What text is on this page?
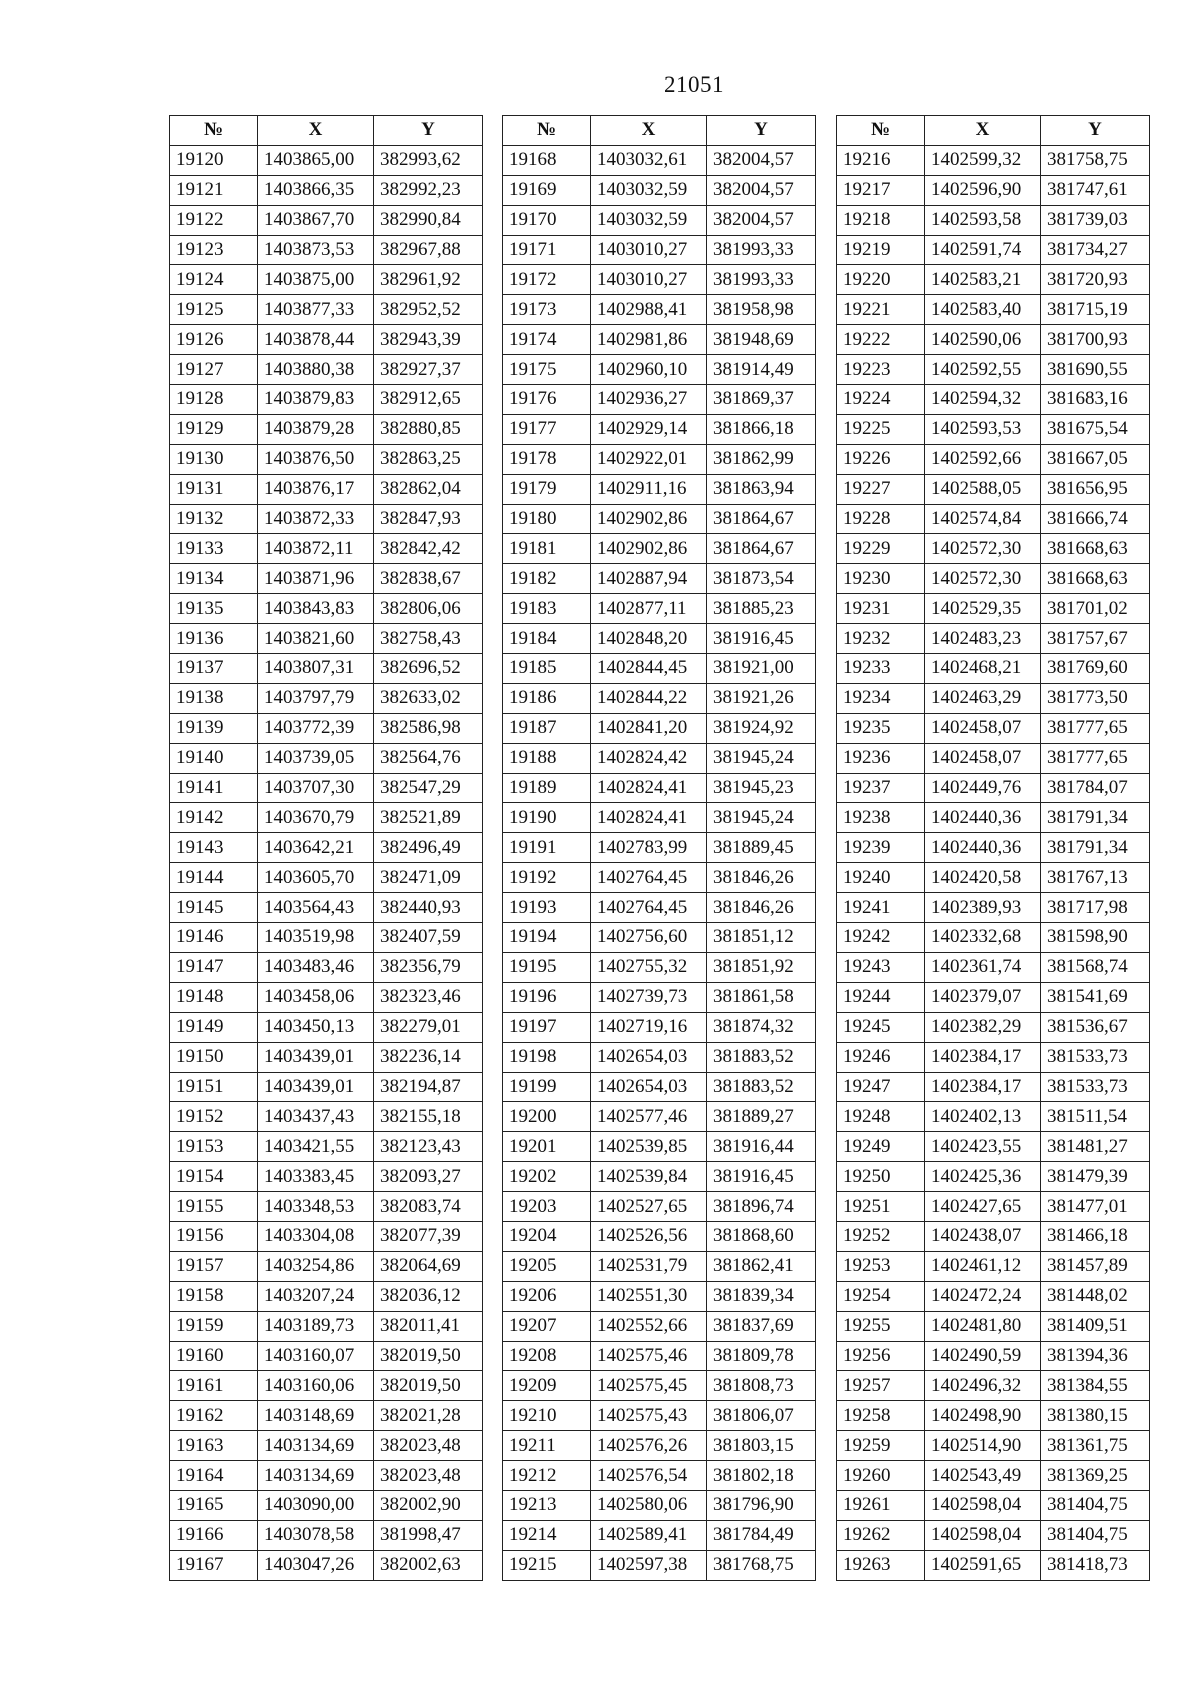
21051
№	X	Y
19120	1403865,00	382993,62
19121	1403866,35	382992,23
19122	1403867,70	382990,84
19123	1403873,53	382967,88
19124	1403875,00	382961,92
19125	1403877,33	382952,52
19126	1403878,44	382943,39
19127	1403880,38	382927,37
19128	1403879,83	382912,65
19129	1403879,28	382880,85
19130	1403876,50	382863,25
19131	1403876,17	382862,04
19132	1403872,33	382847,93
19133	1403872,11	382842,42
19134	1403871,96	382838,67
19135	1403843,83	382806,06
19136	1403821,60	382758,43
19137	1403807,31	382696,52
19138	1403797,79	382633,02
19139	1403772,39	382586,98
19140	1403739,05	382564,76
19141	1403707,30	382547,29
19142	1403670,79	382521,89
19143	1403642,21	382496,49
19144	1403605,70	382471,09
19145	1403564,43	382440,93
19146	1403519,98	382407,59
19147	1403483,46	382356,79
19148	1403458,06	382323,46
19149	1403450,13	382279,01
19150	1403439,01	382236,14
19151	1403439,01	382194,87
19152	1403437,43	382155,18
19153	1403421,55	382123,43
19154	1403383,45	382093,27
19155	1403348,53	382083,74
19156	1403304,08	382077,39
19157	1403254,86	382064,69
19158	1403207,24	382036,12
19159	1403189,73	382011,41
19160	1403160,07	382019,50
19161	1403160,06	382019,50
19162	1403148,69	382021,28
19163	1403134,69	382023,48
19164	1403134,69	382023,48
19165	1403090,00	382002,90
19166	1403078,58	381998,47
19167	1403047,26	382002,63
№	X	Y
19168	1403032,61	382004,57
19169	1403032,59	382004,57
19170	1403032,59	382004,57
19171	1403010,27	381993,33
19172	1403010,27	381993,33
19173	1402988,41	381958,98
19174	1402981,86	381948,69
19175	1402960,10	381914,49
19176	1402936,27	381869,37
19177	1402929,14	381866,18
19178	1402922,01	381862,99
19179	1402911,16	381863,94
19180	1402902,86	381864,67
19181	1402902,86	381864,67
19182	1402887,94	381873,54
19183	1402877,11	381885,23
19184	1402848,20	381916,45
19185	1402844,45	381921,00
19186	1402844,22	381921,26
19187	1402841,20	381924,92
19188	1402824,42	381945,24
19189	1402824,41	381945,23
19190	1402824,41	381945,24
19191	1402783,99	381889,45
19192	1402764,45	381846,26
19193	1402764,45	381846,26
19194	1402756,60	381851,12
19195	1402755,32	381851,92
19196	1402739,73	381861,58
19197	1402719,16	381874,32
19198	1402654,03	381883,52
19199	1402654,03	381883,52
19200	1402577,46	381889,27
19201	1402539,85	381916,44
19202	1402539,84	381916,45
19203	1402527,65	381896,74
19204	1402526,56	381868,60
19205	1402531,79	381862,41
19206	1402551,30	381839,34
19207	1402552,66	381837,69
19208	1402575,46	381809,78
19209	1402575,45	381808,73
19210	1402575,43	381806,07
19211	1402576,26	381803,15
19212	1402576,54	381802,18
19213	1402580,06	381796,90
19214	1402589,41	381784,49
19215	1402597,38	381768,75
№	X	Y
19216	1402599,32	381758,75
19217	1402596,90	381747,61
19218	1402593,58	381739,03
19219	1402591,74	381734,27
19220	1402583,21	381720,93
19221	1402583,40	381715,19
19222	1402590,06	381700,93
19223	1402592,55	381690,55
19224	1402594,32	381683,16
19225	1402593,53	381675,54
19226	1402592,66	381667,05
19227	1402588,05	381656,95
19228	1402574,84	381666,74
19229	1402572,30	381668,63
19230	1402572,30	381668,63
19231	1402529,35	381701,02
19232	1402483,23	381757,67
19233	1402468,21	381769,60
19234	1402463,29	381773,50
19235	1402458,07	381777,65
19236	1402458,07	381777,65
19237	1402449,76	381784,07
19238	1402440,36	381791,34
19239	1402440,36	381791,34
19240	1402420,58	381767,13
19241	1402389,93	381717,98
19242	1402332,68	381598,90
19243	1402361,74	381568,74
19244	1402379,07	381541,69
19245	1402382,29	381536,67
19246	1402384,17	381533,73
19247	1402384,17	381533,73
19248	1402402,13	381511,54
19249	1402423,55	381481,27
19250	1402425,36	381479,39
19251	1402427,65	381477,01
19252	1402438,07	381466,18
19253	1402461,12	381457,89
19254	1402472,24	381448,02
19255	1402481,80	381409,51
19256	1402490,59	381394,36
19257	1402496,32	381384,55
19258	1402498,90	381380,15
19259	1402514,90	381361,75
19260	1402543,49	381369,25
19261	1402598,04	381404,75
19262	1402598,04	381404,75
19263	1402591,65	381418,73
